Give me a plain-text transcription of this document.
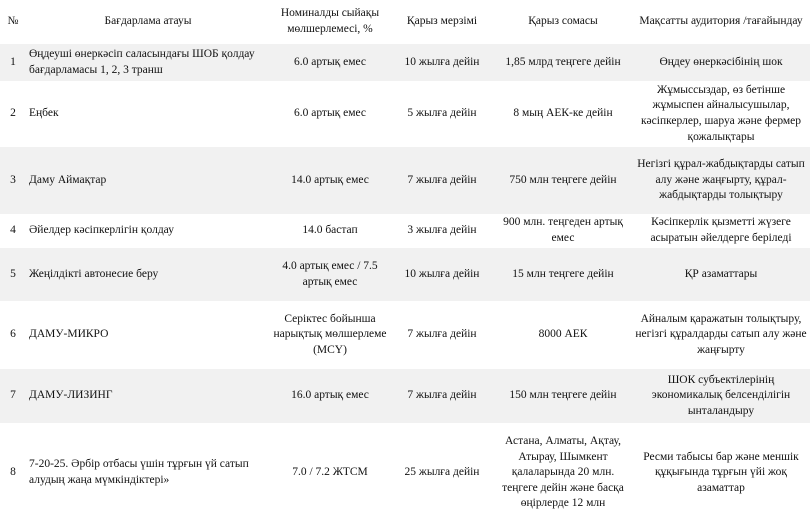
№	Бағдарлама атауы	Номиналды сыйақы мөлшерлемесі, %	Қарыз мерзімі	Қарыз сомасы	Мақсатты аудитория /тағайындау
1	Өңдеуші өнеркәсіп саласындағы ШОБ қолдау бағдарламасы 1, 2, 3 транш	6.0 артық емес	10 жылға дейін	1,85 млрд теңгеге дейін	Өңдеу өнеркәсібінің шок
2	Еңбек	6.0 артық емес	5 жылға дейін	8 мың АЕК-ке дейін	Жұмыссыздар, өз бетінше жұмыспен айналысушылар, кәсіпкерлер, шаруа және фермер қожалықтары
3	Даму Аймақтар	14.0 артық емес	7 жылға дейін	750 млн теңгеге дейін	Негізгі құрал-жабдықтарды сатып алу және жаңғырту, құрал-жабдықтарды толықтыру
4	Әйелдер кәсіпкерлігін қолдау	14.0 бастап	3 жылға дейін	900 млн. теңгеден артық емес	Кәсіпкерлік қызметті жүзеге асыратын әйелдерге беріледі
5	Жеңілдікті автонесие беру	4.0 артық емес / 7.5 артық емес	10 жылға дейін	15 млн теңгеге дейін	ҚР азаматтары
6	ДАМУ-МИКРО	Серіктес бойынша нарықтық мөлшерлеме (МСҮ)	7 жылға дейін	8000 АЕК	Айналым қаражатын толықтыру, негізгі құралдарды сатып алу және жаңғырту
7	ДАМУ-ЛИЗИНГ	16.0 артық емес	7 жылға дейін	150 млн теңгеге дейін	ШОК субъектілерінің экономикалық белсенділігін ынталандыру
8	7-20-25. Әрбір отбасы үшін тұрғын үй сатып алудың жаңа мүмкіндіктері»	7.0 / 7.2 ЖТСМ	25 жылға дейін	Астана, Алматы, Ақтау, Атырау, Шымкент қалаларында 20 млн. теңгеге дейін және басқа өңірлерде 12 млн	Ресми табысы бар және меншік құқығында тұрғын үйі жоқ азаматтар
